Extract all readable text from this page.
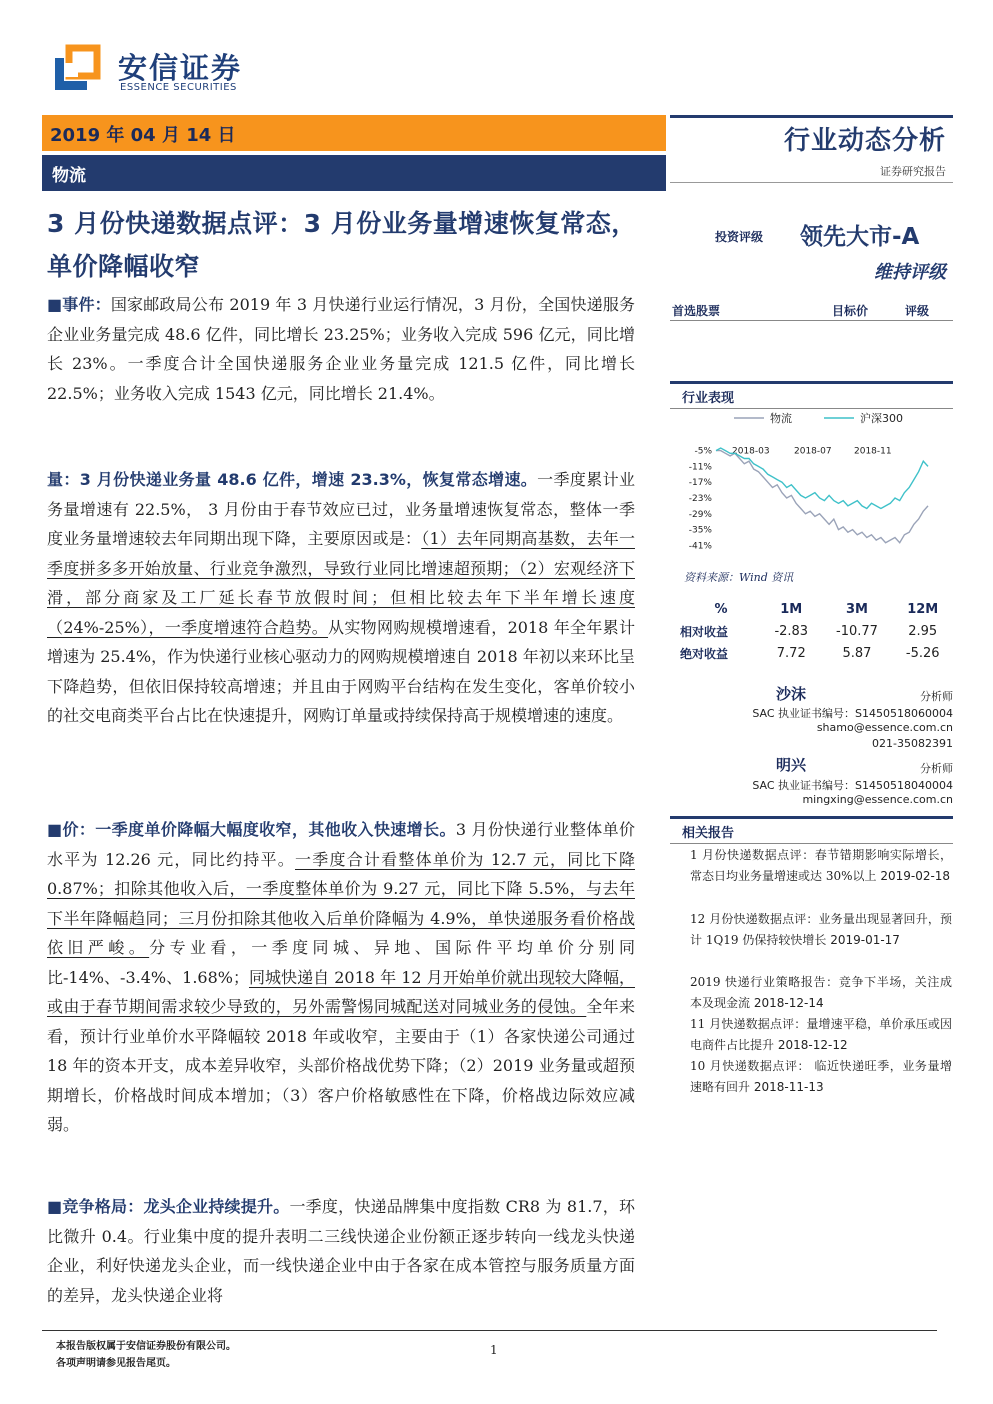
安信证券
ESSENCE SECURITIES
2019 年 04 月 14 日
物流
行业动态分析
证券研究报告
3 月份快递数据点评：3 月份业务量增速恢复常态，单价降幅收窄
■事件：国家邮政局公布 2019 年 3 月快递行业运行情况，3 月份，全国快递服务企业业务量完成 48.6 亿件，同比增长 23.25%；业务收入完成 596 亿元，同比增长 23%。一季度合计全国快递服务企业业务量完成 121.5 亿件，同比增长 22.5%；业务收入完成 1543 亿元，同比增长 21.4%。
量：3 月份快递业务量 48.6 亿件，增速 23.3%，恢复常态增速。一季度累计业务量增速有 22.5%， 3 月份由于春节效应已过，业务量增速恢复常态，整体一季度业务量增速较去年同期出现下降，主要原因或是：（1）去年同期高基数，去年一季度拼多多开始放量、行业竞争激烈，导致行业同比增速超预期；（2）宏观经济下滑，部分商家及工厂延长春节放假时间；但相比较去年下半年增长速度（24%-25%），一季度增速符合趋势。从实物网购规模增速看，2018 年全年累计增速为 25.4%，作为快递行业核心驱动力的网购规模增速自 2018 年初以来环比呈下降趋势，但依旧保持较高增速；并且由于网购平台结构在发生变化，客单价较小的社交电商类平台占比在快速提升，网购订单量或持续保持高于规模增速的速度。
■价：一季度单价降幅大幅度收窄，其他收入快速增长。3 月份快递行业整体单价水平为 12.26 元，同比约持平。一季度合计看整体单价为 12.7 元，同比下降 0.87%；扣除其他收入后，一季度整体单价为 9.27 元，同比下降 5.5%，与去年下半年降幅趋同；三月份扣除其他收入后单价降幅为 4.9%，单快递服务看价格战依旧严峻。分专业看，一季度同城、异地、国际件平均单价分别同比-14%、-3.4%、1.68%；同城快递自 2018 年 12 月开始单价就出现较大降幅，或由于春节期间需求较少导致的，另外需警惕同城配送对同城业务的侵蚀。全年来看，预计行业单价水平降幅较 2018 年或收窄，主要由于（1）各家快递公司通过 18 年的资本开支，成本差异收窄，头部价格战优势下降；（2）2019 业务量或超预期增长，价格战时间成本增加；（3）客户价格敏感性在下降，价格战边际效应减弱。
■竞争格局：龙头企业持续提升。一季度，快递品牌集中度指数 CR8 为 81.7，环比微升 0.4。行业集中度的提升表明二三线快递企业份额正逐步转向一线龙头快递企业，利好快递龙头企业，而一线快递企业中由于各家在成本管控与服务质量方面的差异，龙头快递企业将
投资评级 领先大市-A
维持评级
首选股票	目标价	评级
行业表现
物流	沪深300
-5%
-11%
-17%
-23%
-29%
-35%
-41%
2018-03	2018-07 2018-11
资料来源：Wind 资讯
%	1M	3M	12M
相对收益	-2.83	-10.77	2.95
绝对收益	7.72	5.87	-5.26
沙沫	分析师
SAC 执业证书编号：S1450518060004
shamo@essence.com.cn
021-35082391
明兴	分析师
SAC 执业证书编号：S1450518040004
mingxing@essence.com.cn
相关报告
1 月份快递数据点评：春节错期影响实际增长，常态日均业务量增速或达 30%以上 2019-02-18
12 月份快递数据点评：业务量出现显著回升，预计 1Q19 仍保持较快增长 2019-01-17
2019 快递行业策略报告：竞争下半场，关注成本及现金流 2018-12-14
11 月快递数据点评：量增速平稳，单价承压或因电商件占比提升 2018-12-12
10 月快递数据点评： 临近快递旺季，业务量增速略有回升 2018-11-13
本报告版权属于安信证券股份有限公司。
各项声明请参见报告尾页。
1
